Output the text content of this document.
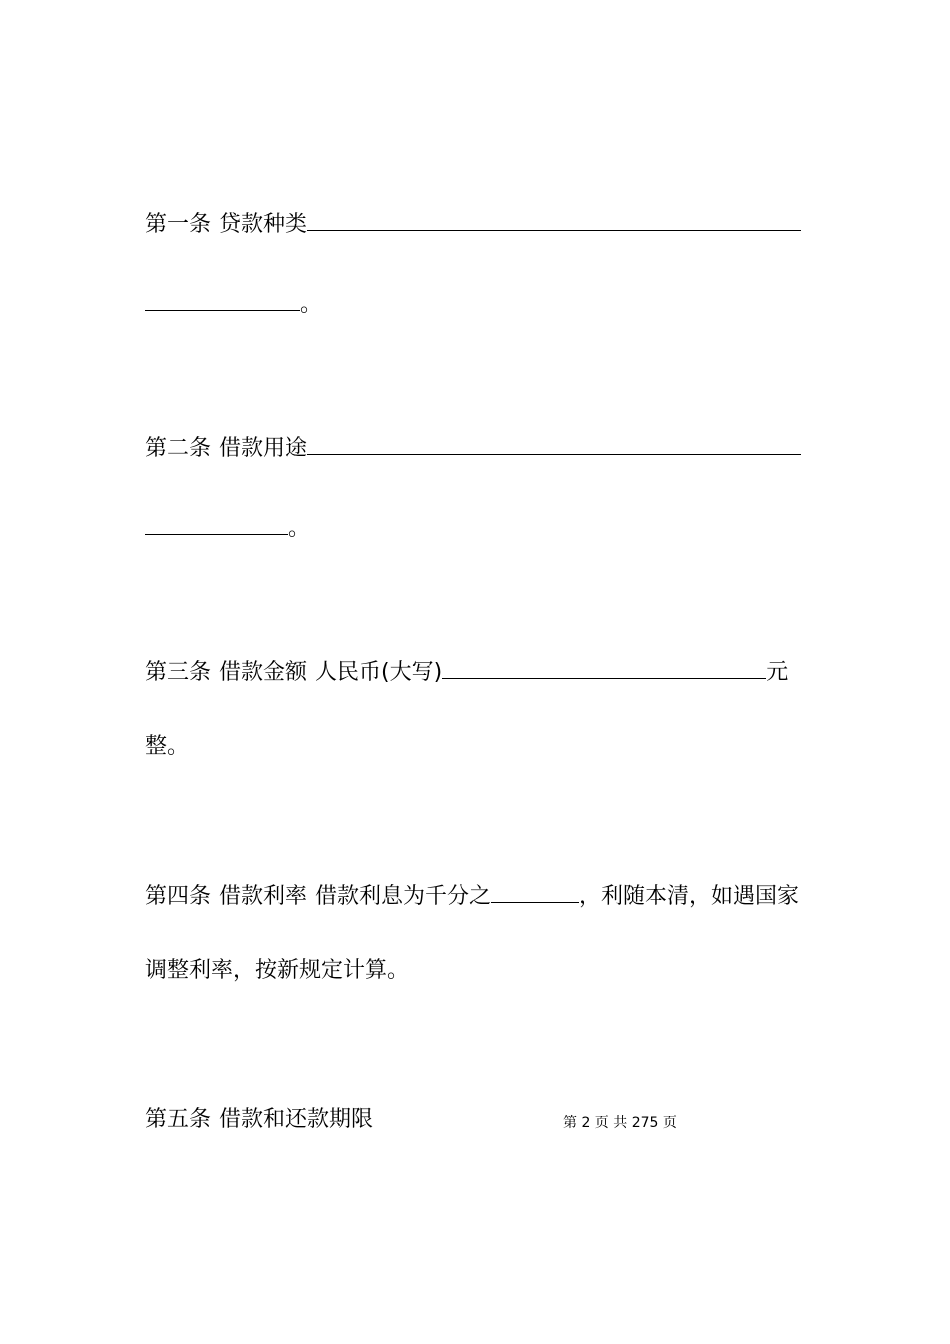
第一条 贷款种类
。
第二条 借款用途
。
第三条 借款金额 人民币(大写)	元
整。
第四条 借款利率 借款利息为千分之	，利随本清，如遇国家
调整利率，按新规定计算。
第五条 借款和还款期限	第 2 页 共 275 页
